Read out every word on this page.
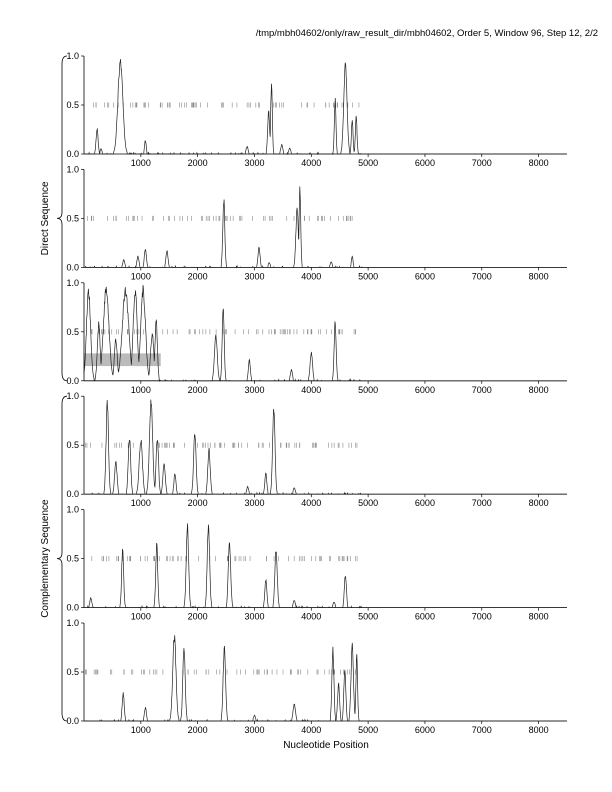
/tmp/mbh04602/only/raw_result_dir/mbh04602, Order 5, Window 96, Step 12, 2/2
0.0
0.5
1.0
1000	2000	3000	4000	5000	6000	7000	8000
0.0
0.5
1.0
1000	2000	3000	4000	5000	6000	7000	8000
0.0
0.5
1.0
1000	2000	3000	4000	5000	6000	7000	8000
0.0
0.5
1.0
1000	2000	3000	4000	5000	6000	7000	8000
0.0
0.5
1.0
1000	2000	3000	4000	5000	6000	7000	8000
0.0
0.5
1.0
1000	2000	3000	4000	5000	6000	7000	8000
Direct Sequence
Complementary Sequence
Nucleotide Position
